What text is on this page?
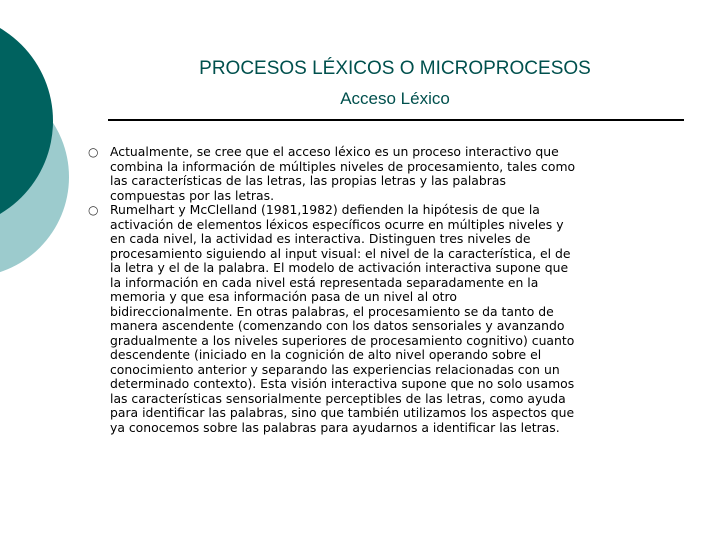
PROCESOS LÉXICOS O MICROPROCESOS
Acceso Léxico
○ Actualmente, se cree que el acceso léxico es un proceso interactivo que
combina la información de múltiples niveles de procesamiento, tales como
las características de las letras, las propias letras y las palabras
compuestas por las letras.
○ Rumelhart y McClelland (1981,1982) defienden la hipótesis de que la
activación de elementos léxicos específicos ocurre en múltiples niveles y
en cada nivel, la actividad es interactiva. Distinguen tres niveles de
procesamiento siguiendo al input visual: el nivel de la característica, el de
la letra y el de la palabra. El modelo de activación interactiva supone que
la información en cada nivel está representada separadamente en la
memoria y que esa información pasa de un nivel al otro
bidireccionalmente. En otras palabras, el procesamiento se da tanto de
manera ascendente (comenzando con los datos sensoriales y avanzando
gradualmente a los niveles superiores de procesamiento cognitivo) cuanto
descendente (iniciado en la cognición de alto nivel operando sobre el
conocimiento anterior y separando las experiencias relacionadas con un
determinado contexto). Esta visión interactiva supone que no solo usamos
las características sensorialmente perceptibles de las letras, como ayuda
para identificar las palabras, sino que también utilizamos los aspectos que
ya conocemos sobre las palabras para ayudarnos a identificar las letras.
